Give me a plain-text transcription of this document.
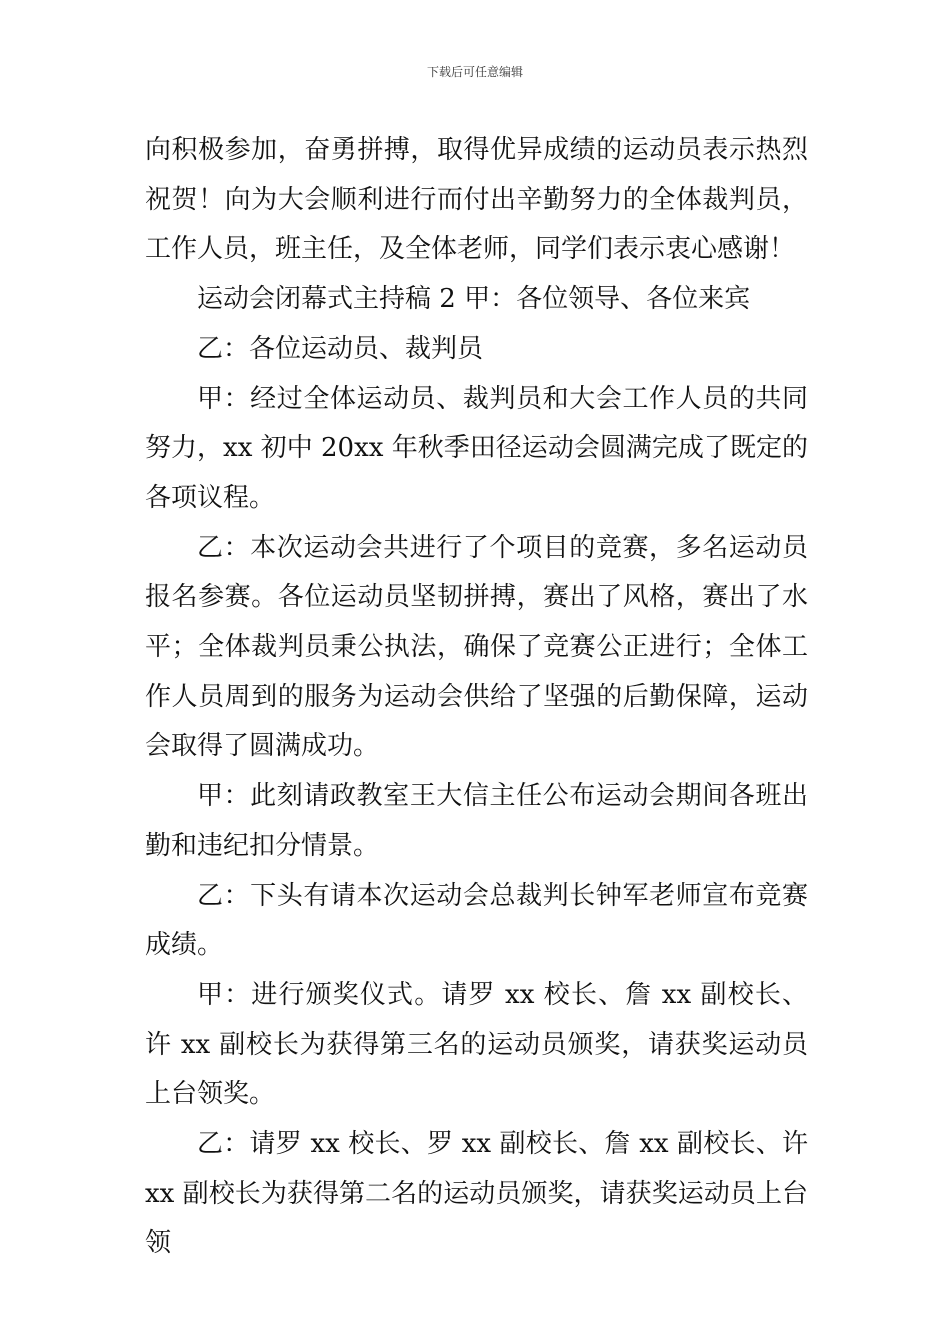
下载后可任意编辑

向积极参加，奋勇拼搏，取得优异成绩的运动员表示热烈祝贺！向为大会顺利进行而付出辛勤努力的全体裁判员，工作人员，班主任，及全体老师，同学们表示衷心感谢！

运动会闭幕式主持稿 2 甲：各位领导、各位来宾

乙：各位运动员、裁判员

甲：经过全体运动员、裁判员和大会工作人员的共同努力，xx 初中 20xx 年秋季田径运动会圆满完成了既定的各项议程。

乙：本次运动会共进行了个项目的竞赛，多名运动员报名参赛。各位运动员坚韧拼搏，赛出了风格，赛出了水平；全体裁判员秉公执法，确保了竞赛公正进行；全体工作人员周到的服务为运动会供给了坚强的后勤保障，运动会取得了圆满成功。

甲：此刻请政教室王大信主任公布运动会期间各班出勤和违纪扣分情景。

乙：下头有请本次运动会总裁判长钟军老师宣布竞赛成绩。

甲：进行颁奖仪式。请罗 xx 校长、詹 xx 副校长、许 xx 副校长为获得第三名的运动员颁奖，请获奖运动员上台领奖。

乙：请罗 xx 校长、罗 xx 副校长、詹 xx 副校长、许 xx 副校长为获得第二名的运动员颁奖，请获奖运动员上台领
